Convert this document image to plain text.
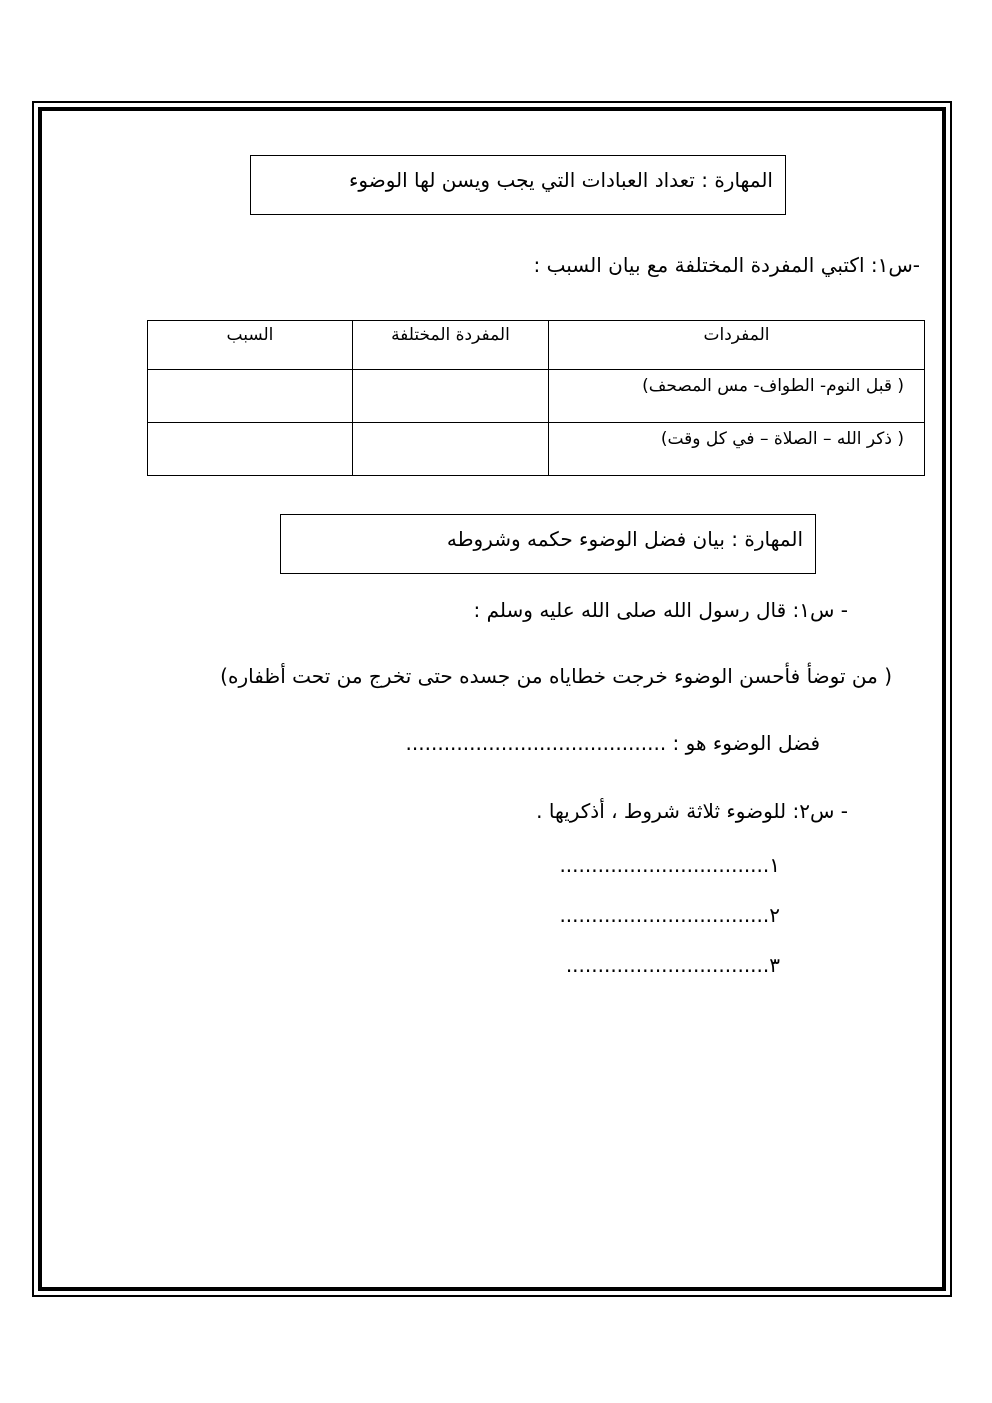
المهارة : تعداد العبادات التي يجب ويسن لها الوضوء
-س١: اكتبي المفردة المختلفة مع بيان السبب :
المفردات	المفردة المختلفة	السبب
( قبل النوم- الطواف- مس المصحف)		
( ذكر الله – الصلاة – في كل وقت)		
المهارة : بيان فضل الوضوء حكمه وشروطه
- س١: قال رسول الله صلى الله عليه وسلم :
( من توضأ فأحسن الوضوء خرجت خطاياه من جسده حتى تخرج من تحت أظفاره)
فضل الوضوء هو : .........................................
- س٢: للوضوء ثلاثة شروط ، أذكريها .
١.................................
٢.................................
٣................................
